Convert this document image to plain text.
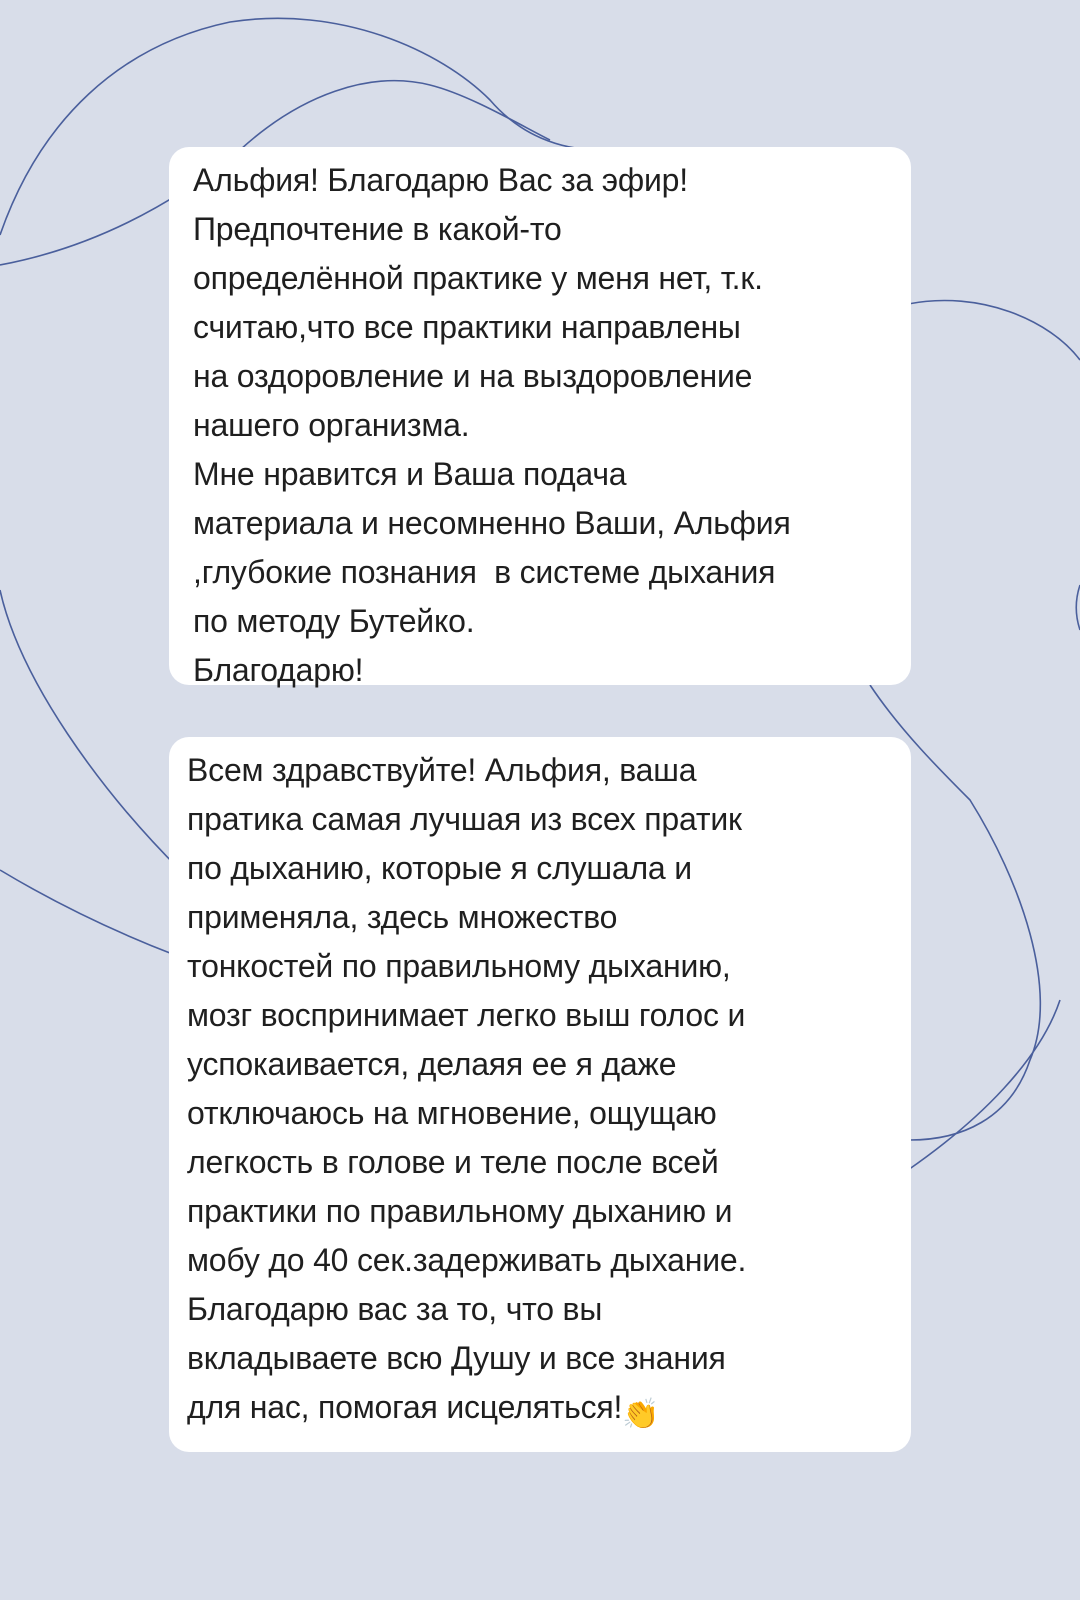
Альфия! Благодарю Вас за эфир!
Предпочтение в какой-то
определённой практике у меня нет, т.к.
считаю,что все практики направлены
на оздоровление и на выздоровление
нашего организма.
Мне нравится и Ваша подача
материала и несомненно Ваши, Альфия
,глубокие познания  в системе дыхания
по методу Бутейко.
Благодарю!
Всем здравствуйте! Альфия, ваша
пратика самая лучшая из всех пратик
по дыханию, которые я слушала и
применяла, здесь множество
тонкостей по правильному дыханию,
мозг воспринимает легко выш голос и
успокаивается, делаяя ее я даже
отключаюсь на мгновение, ощущаю
легкость в голове и теле после всей
практики по правильному дыханию и
мобу до 40 сек.задерживать дыхание.
Благодарю вас за то, что вы
вкладываете всю Душу и все знания
для нас, помогая исцеляться!👏
